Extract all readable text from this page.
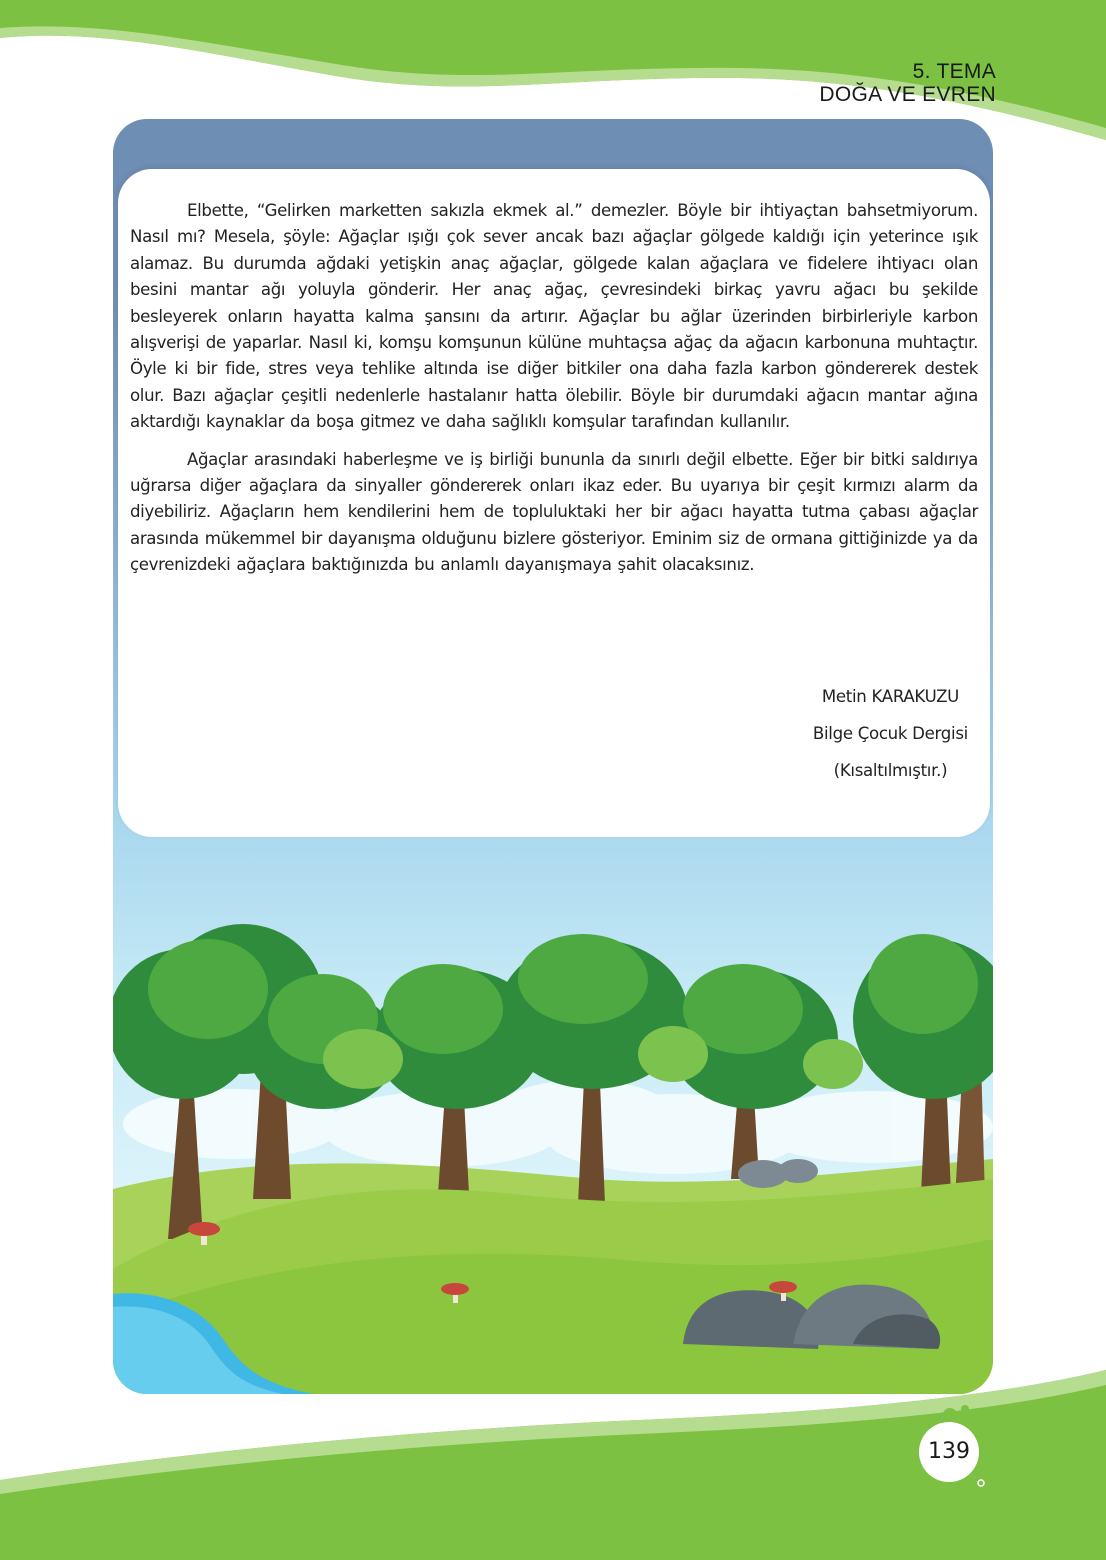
5. TEMA
DOĞA VE EVREN

Elbette, “Gelirken marketten sakızla ekmek al.” demezler. Böyle bir ihtiyaçtan bahsetmiyorum. Nasıl mı? Mesela, şöyle: Ağaçlar ışığı çok sever ancak bazı ağaçlar gölgede kaldığı için yeterince ışık alamaz. Bu durumda ağdaki yetişkin anaç ağaçlar, gölgede kalan ağaçlara ve fidelere ihtiyacı olan besini mantar ağı yoluyla gönderir. Her anaç ağaç, çevresindeki birkaç yavru ağacı bu şekilde besleyerek onların hayatta kalma şansını da artırır. Ağaçlar bu ağlar üzerinden birbirleriyle karbon alışverişi de yaparlar. Nasıl ki, komşu komşunun külüne muhtaçsa ağaç da ağacın karbonuna muhtaçtır. Öyle ki bir fide, stres veya tehlike altında ise diğer bitkiler ona daha fazla karbon göndererek destek olur. Bazı ağaçlar çeşitli nedenlerle hastalanır hatta ölebilir. Böyle bir durumdaki ağacın mantar ağına aktardığı kaynaklar da boşa gitmez ve daha sağlıklı komşular tarafından kullanılır.

Ağaçlar arasındaki haberleşme ve iş birliği bununla da sınırlı değil elbette. Eğer bir bitki saldırıya uğrarsa diğer ağaçlara da sinyaller göndererek onları ikaz eder. Bu uyarıya bir çeşit kırmızı alarm da diyebiliriz. Ağaçların hem kendilerini hem de topluluktaki her bir ağacı hayatta tutma çabası ağaçlar arasında mükemmel bir dayanışma olduğunu bizlere gösteriyor. Eminim siz de ormana gittiğinizde ya da çevrenizdeki ağaçlara baktığınızda bu anlamlı dayanışmaya şahit olacaksınız.

Metin KARAKUZU
Bilge Çocuk Dergisi
(Kısaltılmıştır.)
139
